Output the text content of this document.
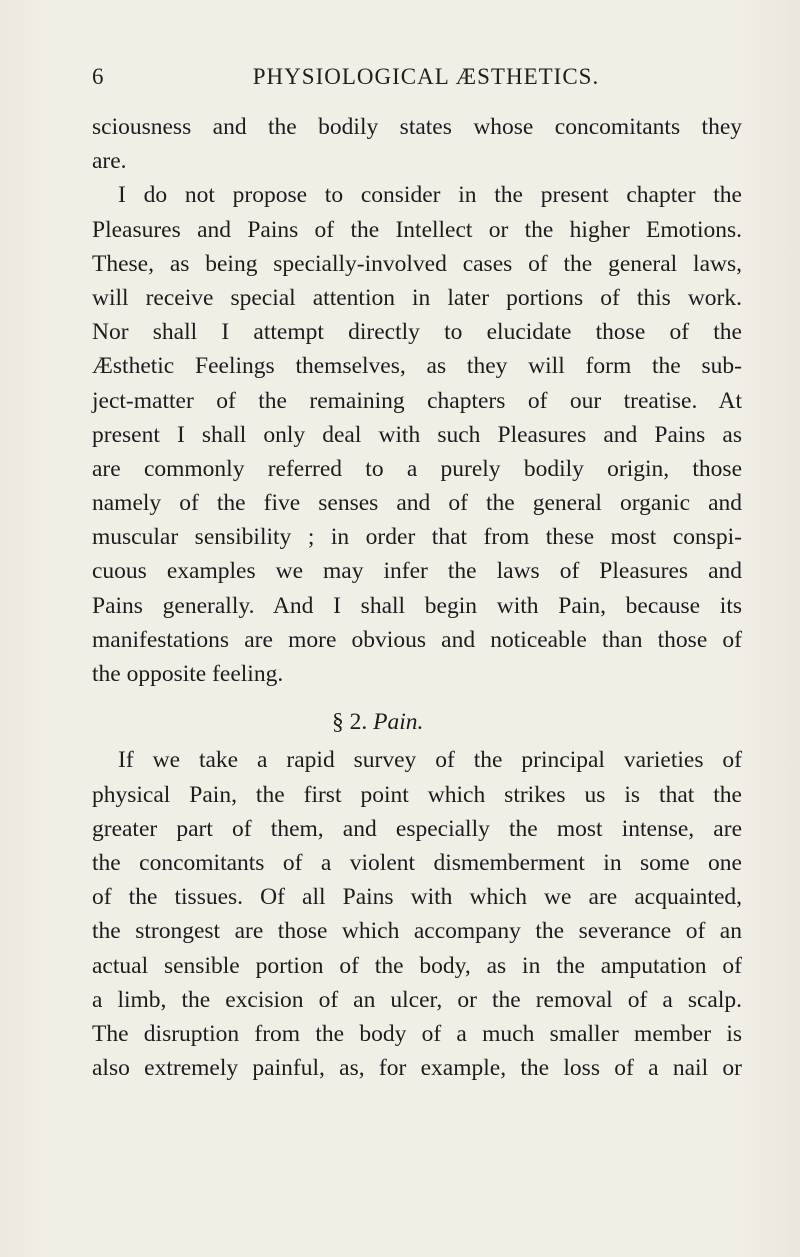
6	PHYSIOLOGICAL ÆSTHETICS.
sciousness and the bodily states whose concomitants they
are.
I do not propose to consider in the present chapter the
Pleasures and Pains of the Intellect or the higher Emotions.
These, as being specially-involved cases of the general laws,
will receive special attention in later portions of this work.
Nor shall I attempt directly to elucidate those of the
Æsthetic Feelings themselves, as they will form the sub-
ject-matter of the remaining chapters of our treatise. At
present I shall only deal with such Pleasures and Pains as
are commonly referred to a purely bodily origin, those
namely of the five senses and of the general organic and
muscular sensibility ; in order that from these most conspi-
cuous examples we may infer the laws of Pleasures and
Pains generally. And I shall begin with Pain, because its
manifestations are more obvious and noticeable than those of
the opposite feeling.
§ 2. Pain.
If we take a rapid survey of the principal varieties of
physical Pain, the first point which strikes us is that the
greater part of them, and especially the most intense, are
the concomitants of a violent dismemberment in some one
of the tissues. Of all Pains with which we are acquainted,
the strongest are those which accompany the severance of an
actual sensible portion of the body, as in the amputation of
a limb, the excision of an ulcer, or the removal of a scalp.
The disruption from the body of a much smaller member is
also extremely painful, as, for example, the loss of a nail or
